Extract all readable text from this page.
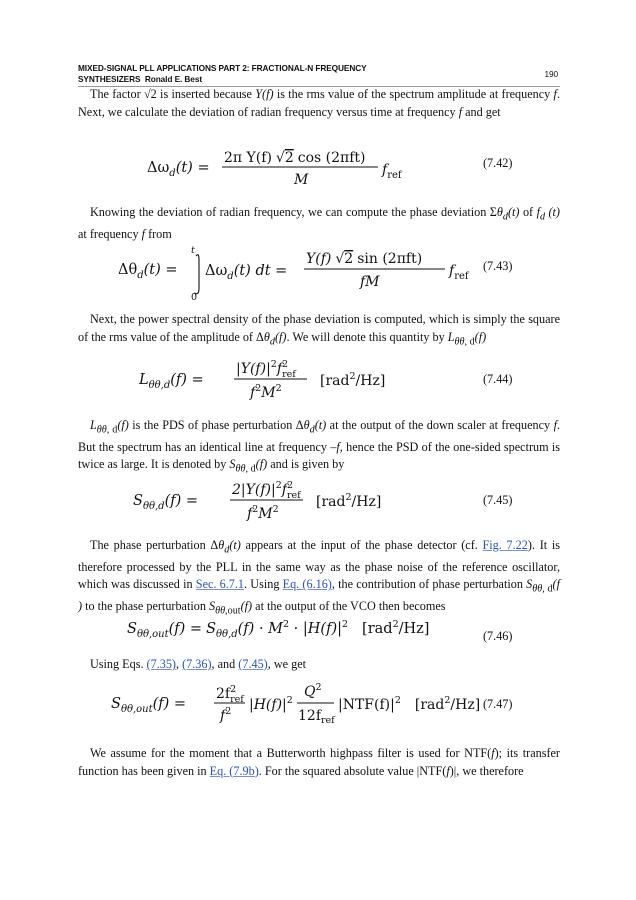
MIXED-SIGNAL PLL APPLICATIONS PART 2: FRACTIONAL-N FREQUENCY
SYNTHESIZERS Ronald E. Best	190
The factor √2 is inserted because Y(f) is the rms value of the spectrum amplitude at frequency f. Next, we calculate the deviation of radian frequency versus time at frequency f and get
$\Delta\omega_d(t)$ =
2π Y(f) √2 cos (2πft)
M
$f_{ref}$
(7.42)
Knowing the deviation of radian frequency, we can compute the phase deviation $\Sigma\theta_d(t)$ of $f_d$ (t) at frequency f from
$\Delta\theta_d(t)$ =
t
0
$\Delta\omega_d(t)$ dt =
Y(f) √2 sin (2πft)
fM
$f_{ref}$
(7.43)
Next, the power spectral density of the phase deviation is computed, which is simply the square of the rms value of the amplitude of $\Delta\theta_d(f)$. We will denote this quantity by $L_{\theta\theta, d}(f)$
$L_{\theta\theta,d}(f)$ =
$|Y(f)|^2f^2$ ref
$f^2M^2$	[rad$^2$/Hz]	(7.44)
$L_{\theta\theta, d}(f)$ is the PDS of phase perturbation $\Delta\theta_d(t)$ at the output of the down scaler at frequency f. But the spectrum has an identical line at frequency –f, hence the PSD of the one-sided spectrum is twice as large. It is denoted by $S_{\theta\theta, d}(f)$ and is given by
$S_{\theta\theta,d}(f)$ =
$2|Y(f)|^2f^2$ ref
$f^2M^2$	[rad$^2$/Hz]	(7.45)
The phase perturbation $\Delta\theta_d(t)$ appears at the input of the phase detector (cf. Fig. 7.22). It is therefore processed by the PLL in the same way as the phase noise of the reference oscillator, which was discussed in Sec. 6.7.1. Using Eq. (6.16), the contribution of phase perturbation $S_{\theta\theta, d}(f$ ) to the phase perturbation $S_{\theta\theta,out}(f)$ at the output of the VCO then becomes
$S_{\theta\theta,out}(f) = S_{\theta\theta,d}(f) \cdot M^2 \cdot |H(f)|^2$ [rad$^2$/Hz]	(7.46)
Using Eqs. (7.35), (7.36), and (7.45), we get
$S_{\theta\theta,out}(f)$ =
$2f^2$ ref
$f^2$ $|H(f)|^2$
$Q^2$
$12f_{ref}$
$|NTF(f)|^2$ [rad$^2$/Hz] (7.47)
We assume for the moment that a Butterworth highpass filter is used for NTF(f); its transfer function has been given in Eq. (7.9b). For the squared absolute value |NTF(f)|, we therefore
